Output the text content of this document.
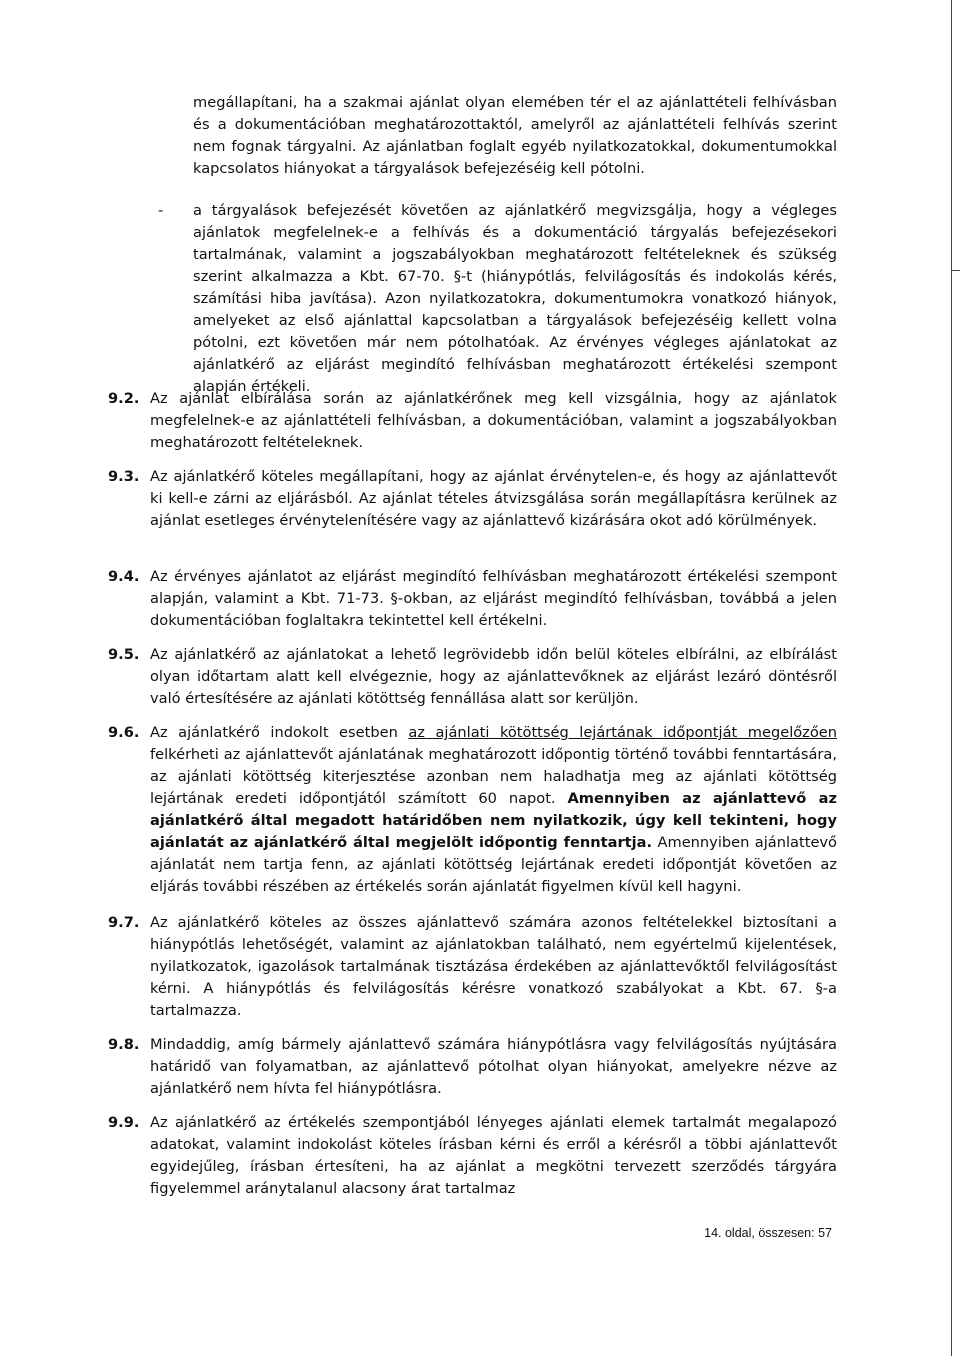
megállapítani, ha a szakmai ajánlat olyan elemében tér el az ajánlattételi felhívásban és a dokumentációban meghatározottaktól, amelyről az ajánlattételi felhívás szerint nem fognak tárgyalni. Az ajánlatban foglalt egyéb nyilatkozatokkal, dokumentumokkal kapcsolatos hiányokat a tárgyalások befejezéséig kell pótolni.

-	a tárgyalások befejezését követően az ajánlatkérő megvizsgálja, hogy a végleges ajánlatok megfelelnek-e a felhívás és a dokumentáció tárgyalás befejezésekori tartalmának, valamint a jogszabályokban meghatározott feltételeknek és szükség szerint alkalmazza a Kbt. 67-70. §-t (hiánypótlás, felvilágosítás és indokolás kérés, számítási hiba javítása). Azon nyilatkozatokra, dokumentumokra vonatkozó hiányok, amelyeket az első ajánlattal kapcsolatban a tárgyalások befejezéséig kellett volna pótolni, ezt követően már nem pótolhatóak. Az érvényes végleges ajánlatokat az ajánlatkérő az eljárást megindító felhívásban meghatározott értékelési szempont alapján értékeli.
9.2. Az ajánlat elbírálása során az ajánlatkérőnek meg kell vizsgálnia, hogy az ajánlatok megfelelnek-e az ajánlattételi felhívásban, a dokumentációban, valamint a jogszabályokban meghatározott feltételeknek.
9.3. Az ajánlatkérő köteles megállapítani, hogy az ajánlat érvénytelen-e, és hogy az ajánlattevőt ki kell-e zárni az eljárásból. Az ajánlat tételes átvizsgálása során megállapításra kerülnek az ajánlat esetleges érvénytelenítésére vagy az ajánlattevő kizárására okot adó körülmények.
9.4. Az érvényes ajánlatot az eljárást megindító felhívásban meghatározott értékelési szempont alapján, valamint a Kbt. 71-73. §-okban, az eljárást megindító felhívásban, továbbá a jelen dokumentációban foglaltakra tekintettel kell értékelni.
9.5. Az ajánlatkérő az ajánlatokat a lehető legrövidebb időn belül köteles elbírálni, az elbírálást olyan időtartam alatt kell elvégeznie, hogy az ajánlattevőknek az eljárást lezáró döntésről való értesítésére az ajánlati kötöttség fennállása alatt sor kerüljön.
9.6. Az ajánlatkérő indokolt esetben az ajánlati kötöttség lejártának időpontját megelőzően felkérheti az ajánlattevőt ajánlatának meghatározott időpontig történő további fenntartására, az ajánlati kötöttség kiterjesztése azonban nem haladhatja meg az ajánlati kötöttség lejártának eredeti időpontjától számított 60 napot. Amennyiben az ajánlattevő az ajánlatkérő által megadott határidőben nem nyilatkozik, úgy kell tekinteni, hogy ajánlatát az ajánlatkérő által megjelölt időpontig fenntartja. Amennyiben ajánlattevő ajánlatát nem tartja fenn, az ajánlati kötöttség lejártának eredeti időpontját követően az eljárás további részében az értékelés során ajánlatát figyelmen kívül kell hagyni.
9.7. Az ajánlatkérő köteles az összes ajánlattevő számára azonos feltételekkel biztosítani a hiánypótlás lehetőségét, valamint az ajánlatokban található, nem egyértelmű kijelentések, nyilatkozatok, igazolások tartalmának tisztázása érdekében az ajánlattevőktől felvilágosítást kérni. A hiánypótlás és felvilágosítás kérésre vonatkozó szabályokat a Kbt. 67. §-a tartalmazza.
9.8. Mindaddig, amíg bármely ajánlattevő számára hiánypótlásra vagy felvilágosítás nyújtására határidő van folyamatban, az ajánlattevő pótolhat olyan hiányokat, amelyekre nézve az ajánlatkérő nem hívta fel hiánypótlásra.
9.9. Az ajánlatkérő az értékelés szempontjából lényeges ajánlati elemek tartalmát megalapozó adatokat, valamint indokolást köteles írásban kérni és erről a kérésről a többi ajánlattevőt egyidejűleg, írásban értesíteni, ha az ajánlat a megkötni tervezett szerződés tárgyára figyelemmel aránytalanul alacsony árat tartalmaz
14. oldal, összesen: 57
